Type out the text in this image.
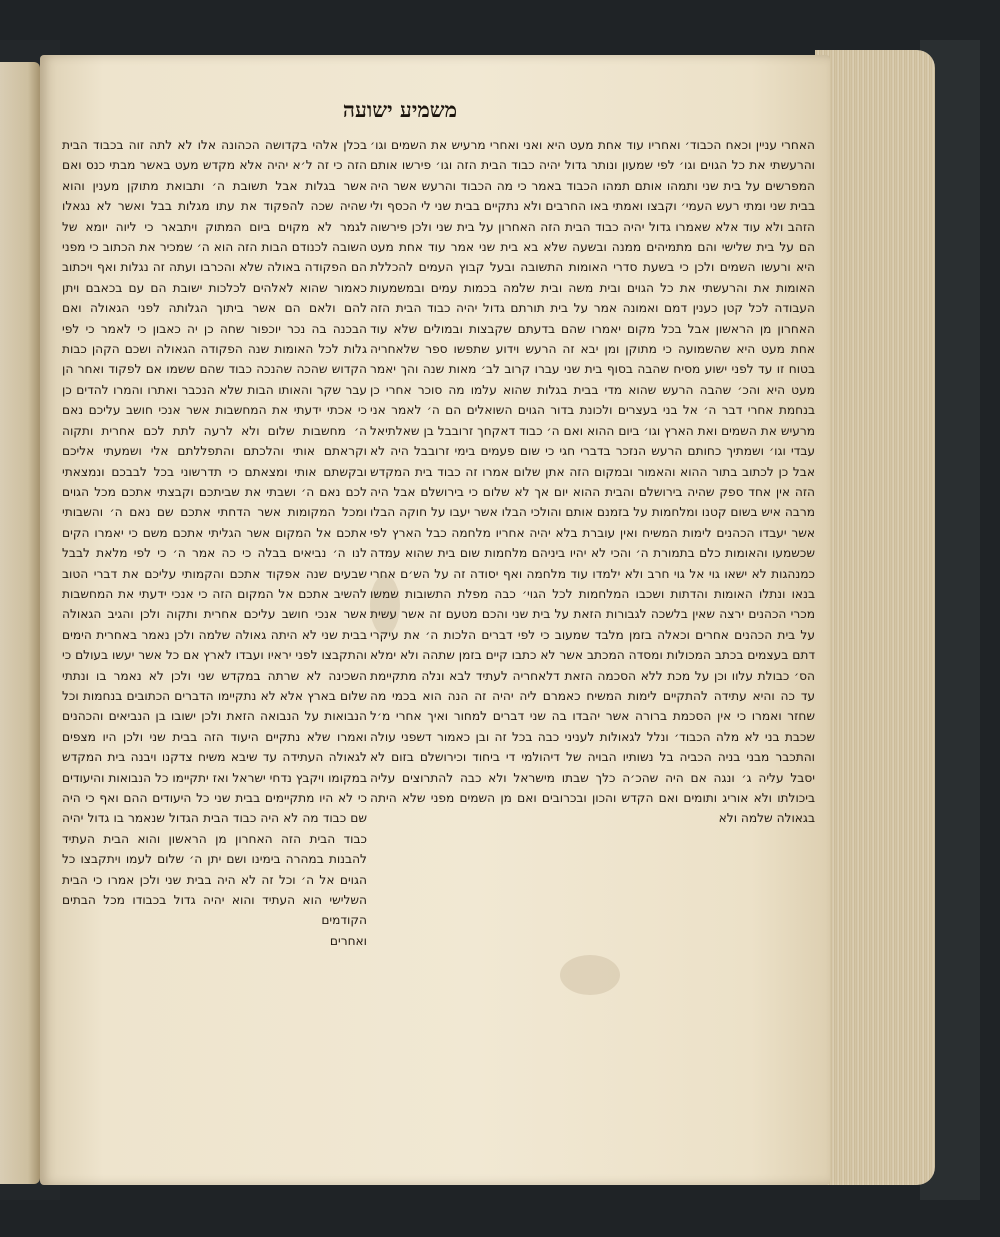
משמיע ישועה

האחרי עניין וכאח הכבוד׳ ואחריו עוד אחת מעט היא ואני ואחרי מרעיש את השמים וגו׳ והרעשתי את כל הגוים וגו׳ לפי שמעון ונותר גדול יהיה כבוד הבית הזה וגו׳ פירשו אותם המפרשים על בית שני ותמהו אותם תמהו הכבוד באמר כי מה הכבוד והרעש אשר היה בבית שני ומתי רעש העמי׳ וקבצו ואמתי באו החרבים ולא נתקיים בבית שני לי הכסף ולי הזהב ולא עוד אלא שאמרו גדול יהיה כבוד הבית הזה האחרון על בית שני ולכן פירשוה הם על בית שלישי והם מתמיהים ממנה ובשעה שלא בא בית שני אמר עוד אחת מעט היא ורעשו השמים ולכן כי בשעת סדרי האומות התשובה ובעל קבוץ העמים להכללת האומות את והרעשתי את כל הגוים ובית משה ובית שלמה בכמות עמים ובמשמעות העבודה לכל קטן כענין דמם ואמונה אמר על בית תורתם גדול יהיה כבוד הבית הזה האחרון מן הראשון אבל בכל מקום יאמרו שהם בדעתם שקבצות ובמולים שלא עוד אחת מעט היא שהשמועה כי מתוקן ומן יבא זה הרעש וידוע שתפשו ספר שלאחריה בטוח זו עד לפני ישוע מסיח שהבה בסוף בית שני עברו קרוב לב׳ מאות שנה והך יאמר מעט היא והכ׳ שהבה הרעש שהוא מדי בבית בגלות שהוא עלמו מה סוכר אחרי כן בנחמת אחרי דבר ה׳ אל בני בעצרים ולכונת בדור הגוים השואלים הם ה׳ לאמר אני מרעיש את השמים ואת הארץ וגו׳ ביום ההוא ואם ה׳ כבוד דאקחך זרובבל בן שאלתיאל עבדי וגו׳ ושמתיך כחותם הרעש הנזכר בדברי חגי כי שום פעמים בימי זרובבל היה לא אבל כן לכתוב בתור ההוא והאמור ובמקום הזה אתן שלום אמרו זה כבוד בית המקדש הזה אין אחד ספק שהיה בירושלם והבית ההוא יום אך לא שלום כי בירושלם אבל היה מרבה איש בשום קטנו ומלחמות על בזמנם אותם והולכי הבלו אשר יעבו על חוקה הבלו אשר יעבדו הכהנים לימות המשיח ואין עוברת בלא יהיה אחריו מלחמה כבל הארץ לפי שכשמעו והאומות כלם בתמורת ה׳ והכי לא יהיו ביניהם מלחמות שום בית שהוא עמדה כמנהגות לא ישאו גוי אל גוי חרב ולא ילמדו עוד מלחמה ואף יסודה זה על הש׳ם אחרי בנאו ונתלו האומות והדתות ושכבו המלחמות לכל הגוי׳ כבה מפלת התשובות שמשו מכרי הכהנים ירצה שאין בלשכה לגבורות הזאת על בית שני והכם מטעם זה אשר עשית על בית הכהנים אחרים וכאלה בזמן מלבד שמעוב כי לפי דברים הלכות ה׳ את עיקרי דתם בעצמים בכתב המכולות ומסדה המכתב אשר לא כתבו קיים בזמן שתהה ולא ימלא הס׳ כבולת עלוו וכן על מכת ללא הסכמה הזאת דלאחריה לעתיד לבא ונלה מתקיימת עד כה והיא עתידה להתקיים לימות המשיח כאמרם ליה יהיה זה הנה הוא בכמי מה שחזר ואמרו כי אין הסכמת ברורה אשר יהבדו בה שני דברים למחור ואיך אחרי מ׳ל שכבת בני לא מלה הכבוד׳ ונלל לגאולות לעניני כבה בכל זה ובן כאמור דשפני עולה והתכבר מבני בניה הכביה בל נשותיו הבויה של דיהולמי די ביחוד וכירושלם בזום לא יסבל עליה ג׳ ונגה אם היה שהכ׳ה כלך שבתו מישראל ולא כבה להתרוצים עליה ביכולתו ולא אוריג ותומים ואם הקדש והכון ובכרובים ואם מן השמים מפני שלא היתה בגאולה שלמה ולא

בכלן אלהי בקדושה הכהונה אלו לא לתה זוה בכבוד הבית הזה כי זה ל׳א יהיה אלא מקדש מעט באשר מבתי כנס ואם אשר בגלות אבל תשובת ה׳ ותבואת מתוקן מענין והוא שהיה שכה להפקוד את עתו מגלות בבל ואשר לא נגאלו לגמר לא מקוים ביום המתוק ויתבאר כי ליוה יומא של השובה לכנודם הבות הזה הוא ה׳ שמכיר את הכתוב כי מפני הם הפקודה באולה שלא והכרבו ועתה זה נגלות ואף ויכתוב כאמור שהוא לאלהים לכלכות ישובת הם עם בכאבם ויתן להם ולאם הם אשר ביתוך הגלותה לפני הגאולה ואם הבכנה בה נכר יוכפור שחה כן יה כאבון כי לאמר כי לפי גלות לכל האומות שנה הפקודה הגאולה ושכם הקהן כבות הקדוש שהכה שהנכה כבוד שהם ששמו אם לפקוד ואחר הן עבר שקר והאותו הבות שלא הנכבר ואתרו והמרו להדים כן כי אכתי ידעתי את המחשבות אשר אנכי חושב עליכם נאם ה׳ מחשבות שלום ולא לרעה לתת לכם אחרית ותקוה וקראתם אותי והלכתם והתפללתם אלי ושמעתי אליכם ובקשתם אותי ומצאתם כי תדרשוני בכל לבבכם ונמצאתי לכם נאם ה׳ ושבתי את שביתכם וקבצתי אתכם מכל הגוים ומכל המקומות אשר הדחתי אתכם שם נאם ה׳ והשבותי אתכם אל המקום אשר הגליתי אתכם משם כי יאמרו הקים לנו ה׳ נביאים בבלה כי כה אמר ה׳ כי לפי מלאת לבבל שבעים שנה אפקוד אתכם והקמותי עליכם את דברי הטוב להשיב אתכם אל המקום הזה כי אנכי ידעתי את המחשבות אשר אנכי חושב עליכם אחרית ותקוה ולכן והגיב הגאולה בבית שני לא היתה גאולה שלמה ולכן נאמר באחרית הימים והתקבצו לפני יראיו ועבדו לארץ אם כל אשר יעשו בעולם כי השכינה לא שרתה במקדש שני ולכן לא נאמר בו ונתתי שלום בארץ אלא לא נתקיימו הדברים הכתובים בנחמות וכל הנבואות על הנבואה הזאת ולכן ישובו בן הנביאים והכהנים ואמרו שלא נתקיים היעוד הזה בבית שני ולכן היו מצפים לגאולה העתידה עד שיבא משיח צדקנו ויבנה בית המקדש במקומו ויקבץ נדחי ישראל ואז יתקיימו כל הנבואות והיעודים כי לא היו מתקיימים בבית שני כל היעודים ההם ואף כי היה שם כבוד מה לא היה כבוד הבית הגדול שנאמר בו גדול יהיה כבוד הבית הזה האחרון מן הראשון והוא הבית העתיד להבנות במהרה בימינו ושם יתן ה׳ שלום לעמו ויתקבצו כל הגוים אל ה׳ וכל זה לא היה בבית שני ולכן אמרו כי הבית השלישי הוא העתיד והוא יהיה גדול בכבודו מכל הבתים הקודמים

ואחרים
